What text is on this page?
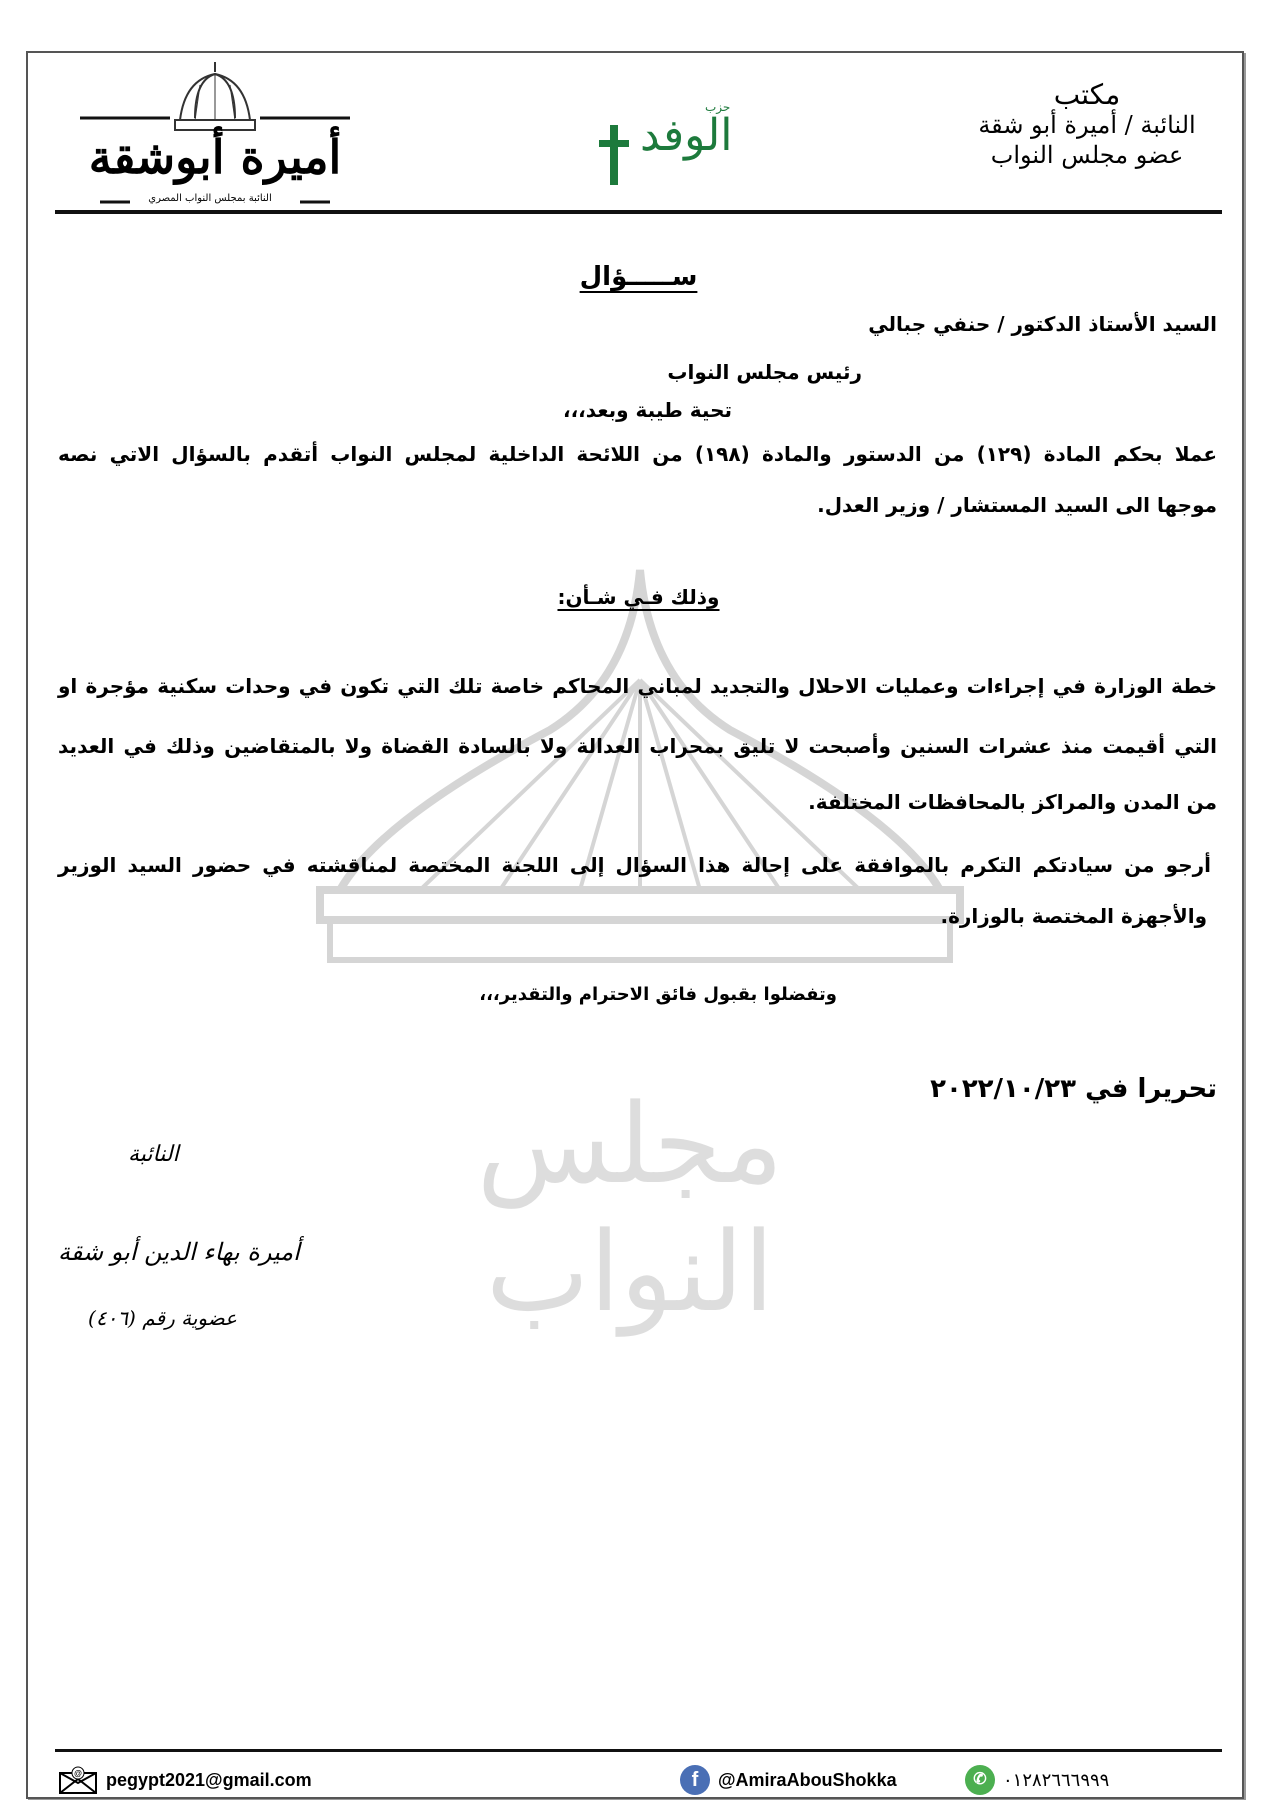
مجلس النواب
مكتب
النائبة / أميرة أبو شقة
عضو مجلس النواب
حزب
الوفد
أميرة أبوشقة
النائبة بمجلس النواب المصري
ســـــؤال
السيد الأستاذ الدكتور / حنفي جبالي
رئيس مجلس النواب
تحية طيبة وبعد،،،
عملا بحكم المادة (١٢٩) من الدستور والمادة (١٩٨) من اللائحة الداخلية لمجلس النواب أتقدم بالسؤال الاتي نصه
موجها الى السيد المستشار / وزير العدل.
وذلك فـي شـأن:
خطة الوزارة في إجراءات وعمليات الاحلال والتجديد لمباني المحاكم خاصة تلك التي تكون في وحدات سكنية مؤجرة او
التي أقيمت منذ عشرات السنين وأصبحت لا تليق بمحراب العدالة ولا بالسادة القضاة ولا بالمتقاضين وذلك في العديد
من المدن والمراكز بالمحافظات المختلفة.
أرجو من سيادتكم التكرم بالموافقة على إحالة هذا السؤال إلى اللجنة المختصة لمناقشته في حضور السيد الوزير
والأجهزة المختصة بالوزارة.
وتفضلوا بقبول فائق الاحترام والتقدير،،،
تحريرا في ٢٠٢٢/١٠/٢٣
النائبة
أميرة بهاء الدين أبو شقة
عضوية رقم (٤٠٦)
@ pegypt2021@gmail.com	f	@AmiraAbouShokka	✆ ٠١٢٨٢٦٦٦٩٩٩
